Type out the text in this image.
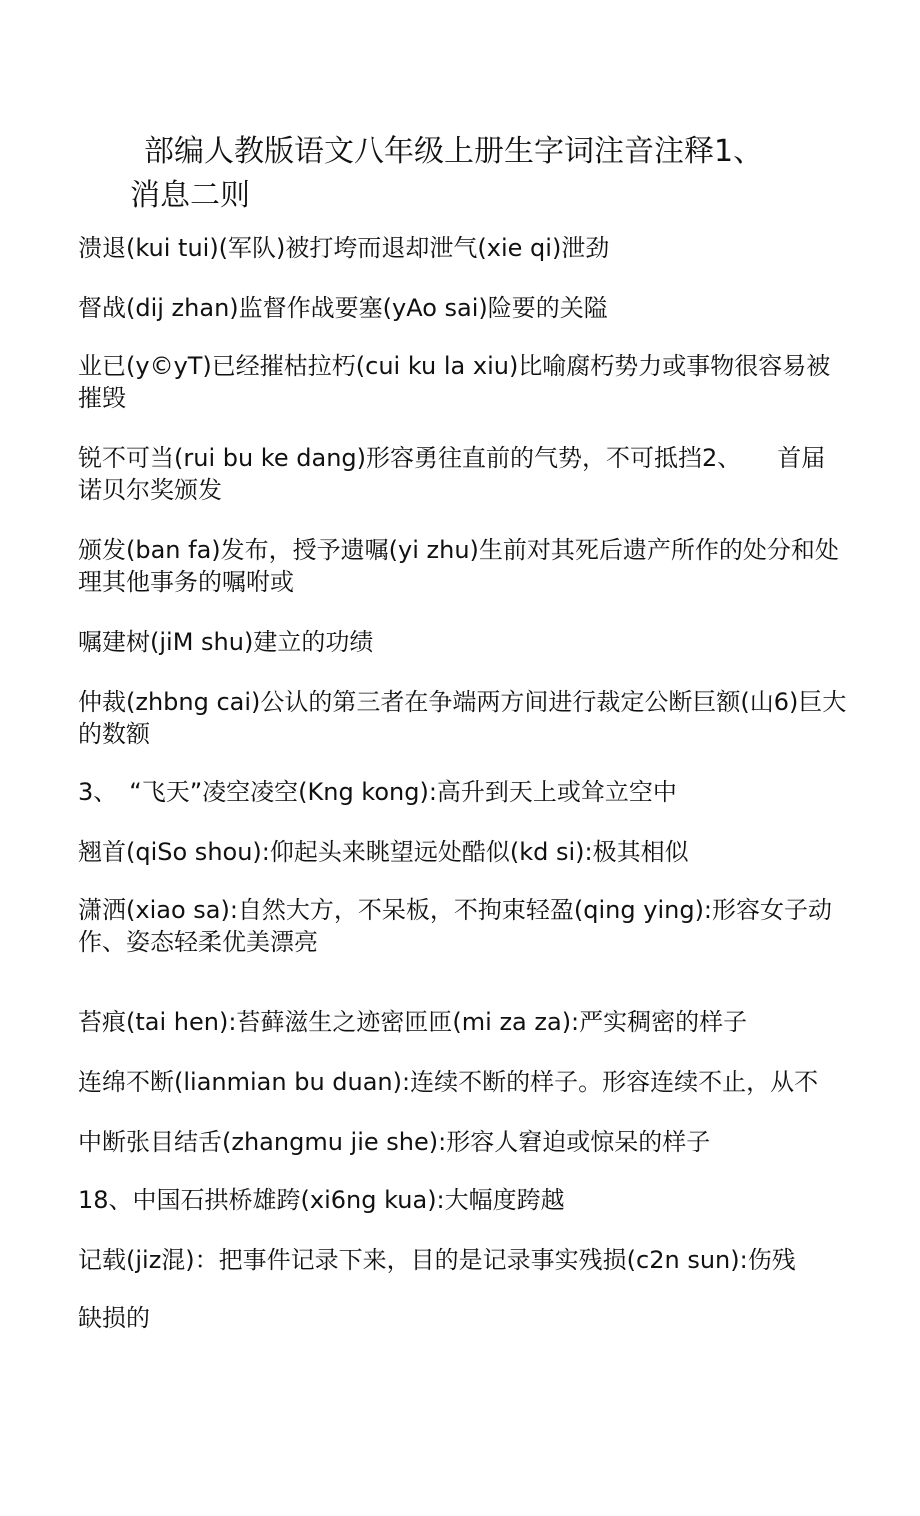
部编人教版语文八年级上册生字词注音注释1、
消息二则
溃退(kui tui)(军队)被打垮而退却泄气(xie qi)泄劲
督战(dij zhan)监督作战要塞(yAo sai)险要的关隘
业已(y©yT)已经摧枯拉朽(cui ku la xiu)比喻腐朽势力或事物很容易被摧毁
锐不可当(rui bu ke dang)形容勇往直前的气势，不可抵挡2、　　首届诺贝尔奖颁发
颁发(ban fa)发布，授予遗嘱(yi zhu)生前对其死后遗产所作的处分和处理其他事务的嘱咐或
嘱建树(jiM shu)建立的功绩
仲裁(zhbng cai)公认的第三者在争端两方间进行裁定公断巨额(山6)巨大的数额
3、　“飞天”凌空凌空(Kng kong):高升到天上或耸立空中
翘首(qiSo shou):仰起头来眺望远处酷似(kd si):极其相似
潇洒(xiao sa):自然大方，不呆板，不拘束轻盈(qing ying):形容女子动作、姿态轻柔优美漂亮
苔痕(tai hen):苔藓滋生之迹密匝匝(mi za za):严实稠密的样子
连绵不断(lianmian bu duan):连续不断的样子。形容连续不止，从不
中断张目结舌(zhangmu jie she):形容人窘迫或惊呆的样子
18、中国石拱桥雄跨(xi6ng kua):大幅度跨越
记载(jiz混)：把事件记录下来，目的是记录事实残损(c2n sun):伤残
缺损的
